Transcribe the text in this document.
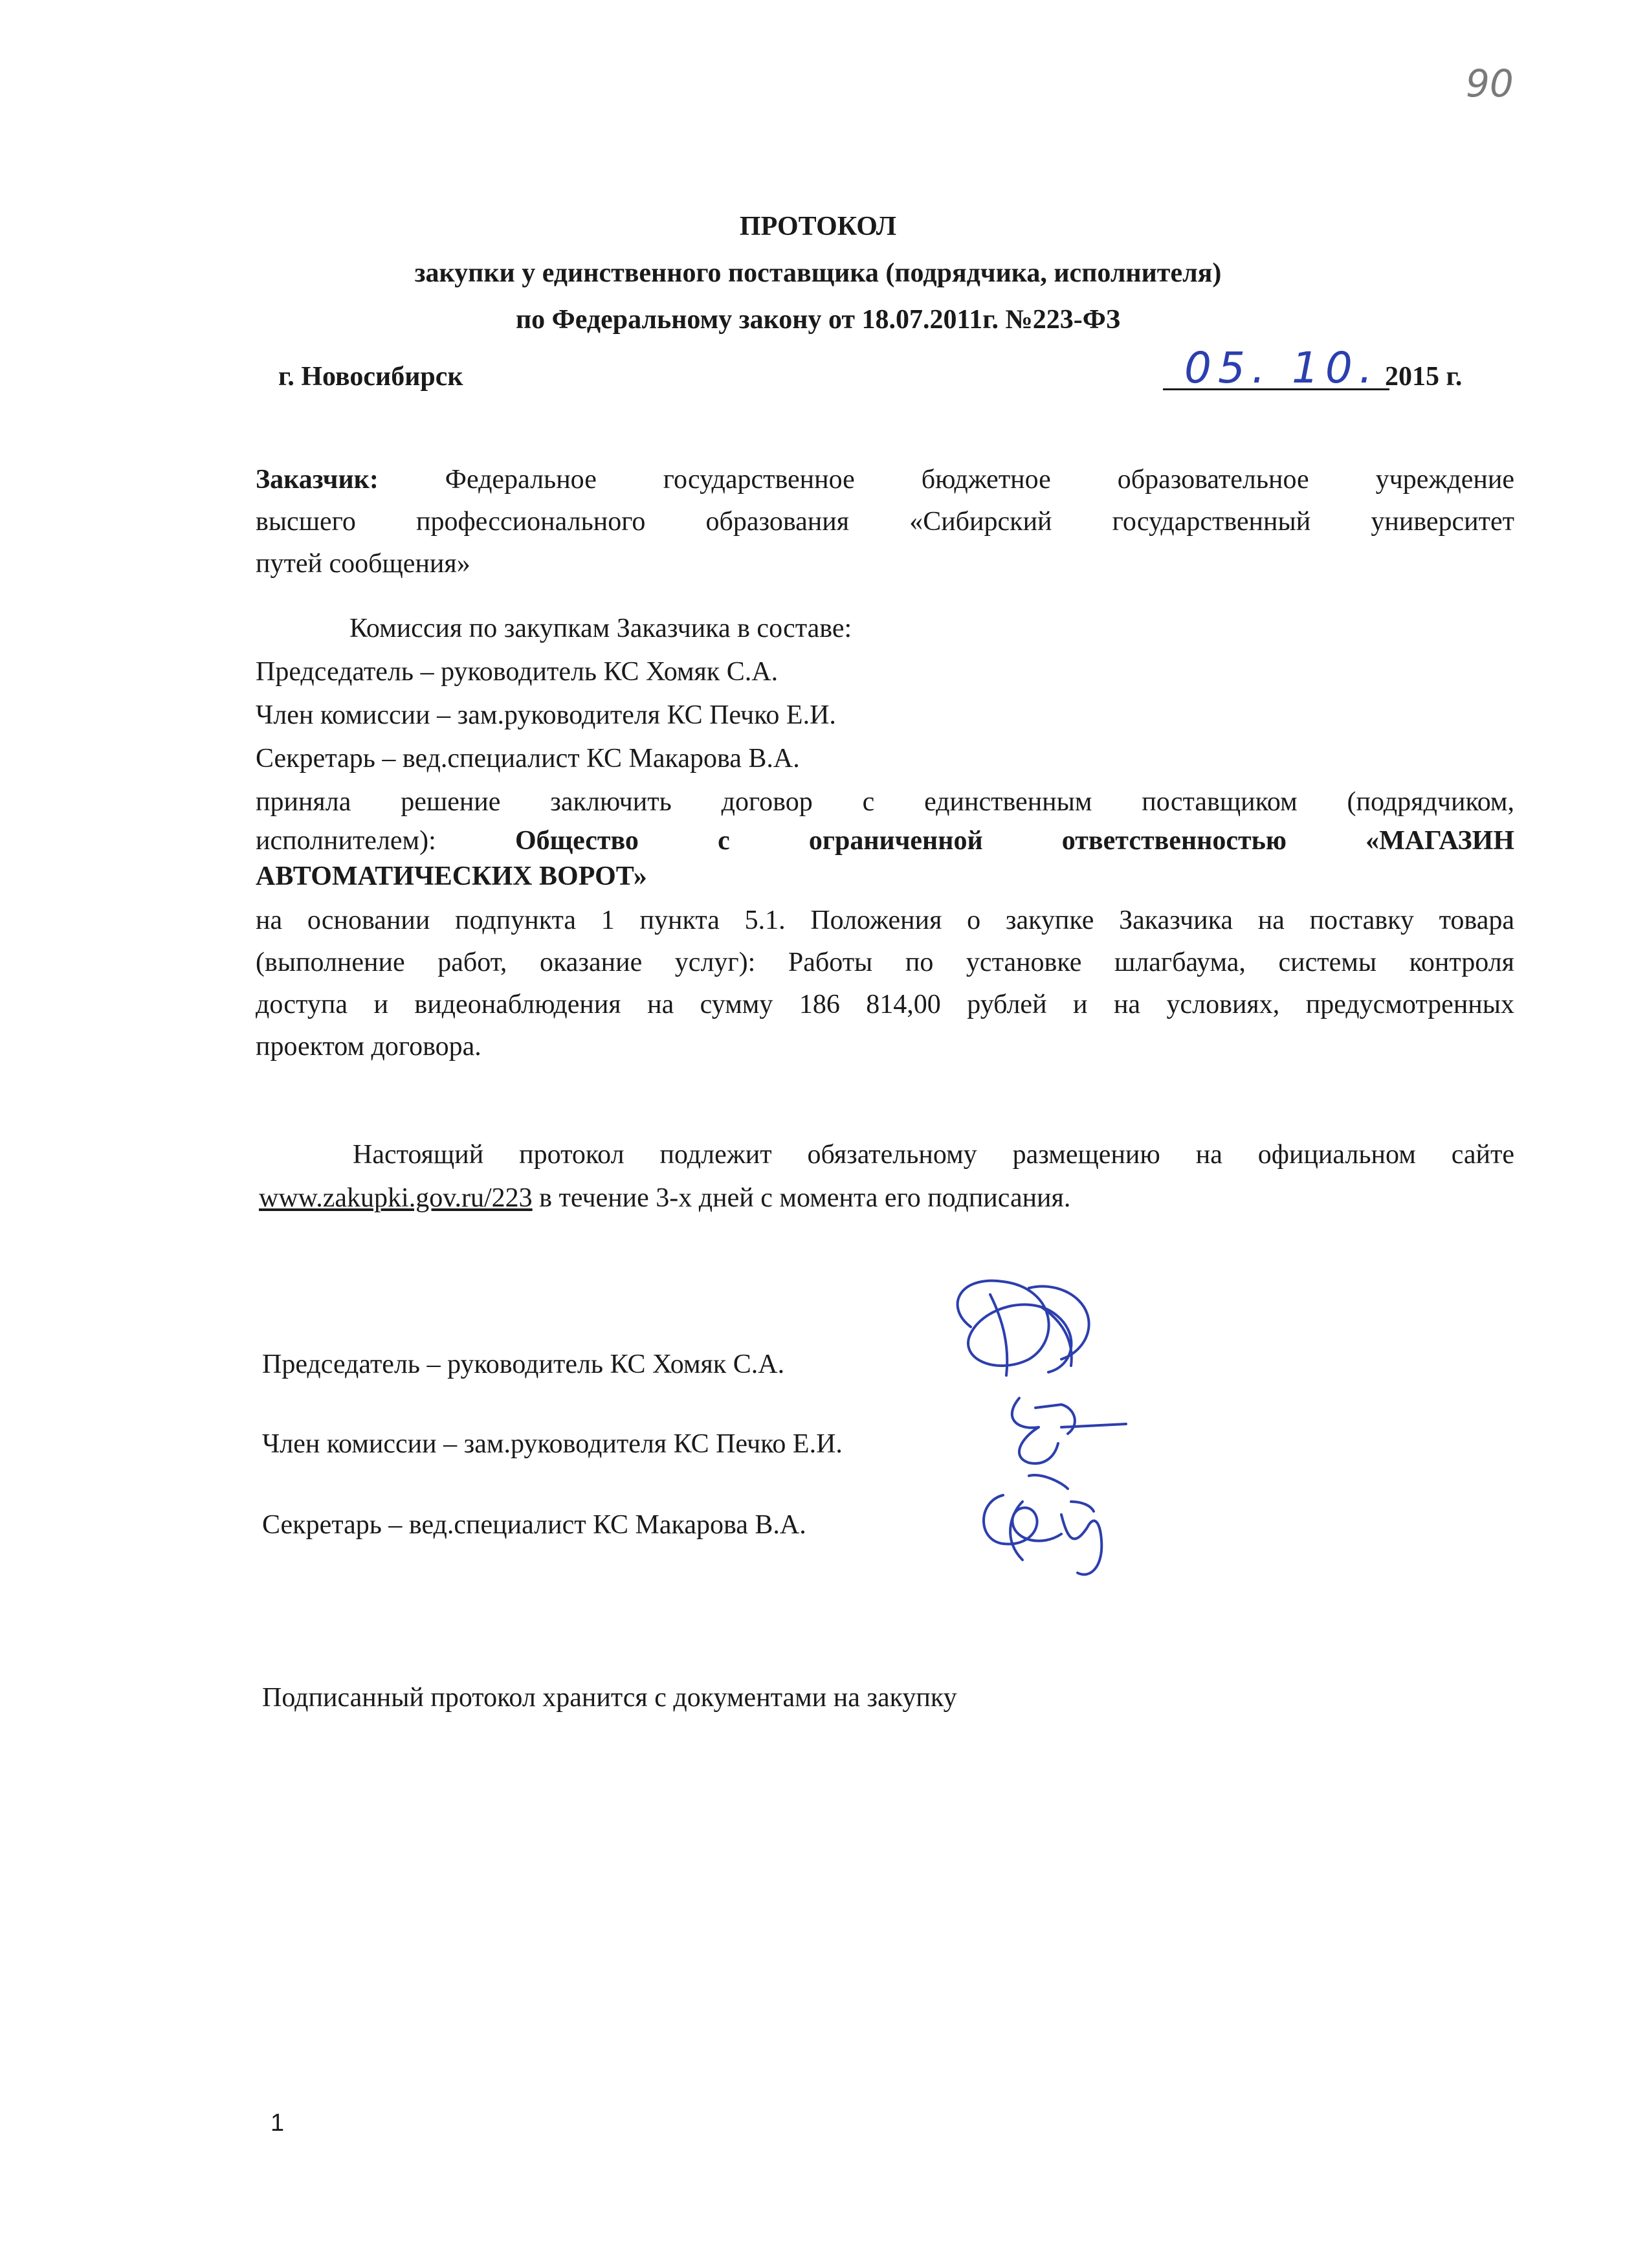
90
ПРОТОКОЛ
закупки у единственного поставщика (подрядчика, исполнителя)
по Федеральному закону от 18.07.2011г. №223-ФЗ
г. Новосибирск	05. 10. 2015 г.
Заказчик: Федеральное государственное бюджетное образовательное учреждение
высшего профессионального образования «Сибирский государственный университет
путей сообщения»
Комиссия по закупкам Заказчика в составе:
Председатель – руководитель КС Хомяк С.А.
Член комиссии – зам.руководителя КС Печко Е.И.
Секретарь – вед.специалист КС Макарова В.А.
приняла решение заключить договор с единственным поставщиком (подрядчиком,
исполнителем):	Общество с ограниченной ответственностью «МАГАЗИН
АВТОМАТИЧЕСКИХ ВОРОТ»
на основании подпункта 1 пункта 5.1. Положения о закупке Заказчика на поставку товара
(выполнение работ, оказание услуг): Работы по установке шлагбаума, системы контроля
доступа и видеонаблюдения на сумму 186 814,00 рублей и на условиях, предусмотренных
проектом договора.
Настоящий протокол подлежит обязательному размещению на официальном сайте
www.zakupki.gov.ru/223 в течение 3-х дней с момента его подписания.
Председатель – руководитель КС Хомяк С.А.
Член комиссии – зам.руководителя КС Печко Е.И.
Секретарь – вед.специалист КС Макарова В.А.
Подписанный протокол хранится с документами на закупку
1
